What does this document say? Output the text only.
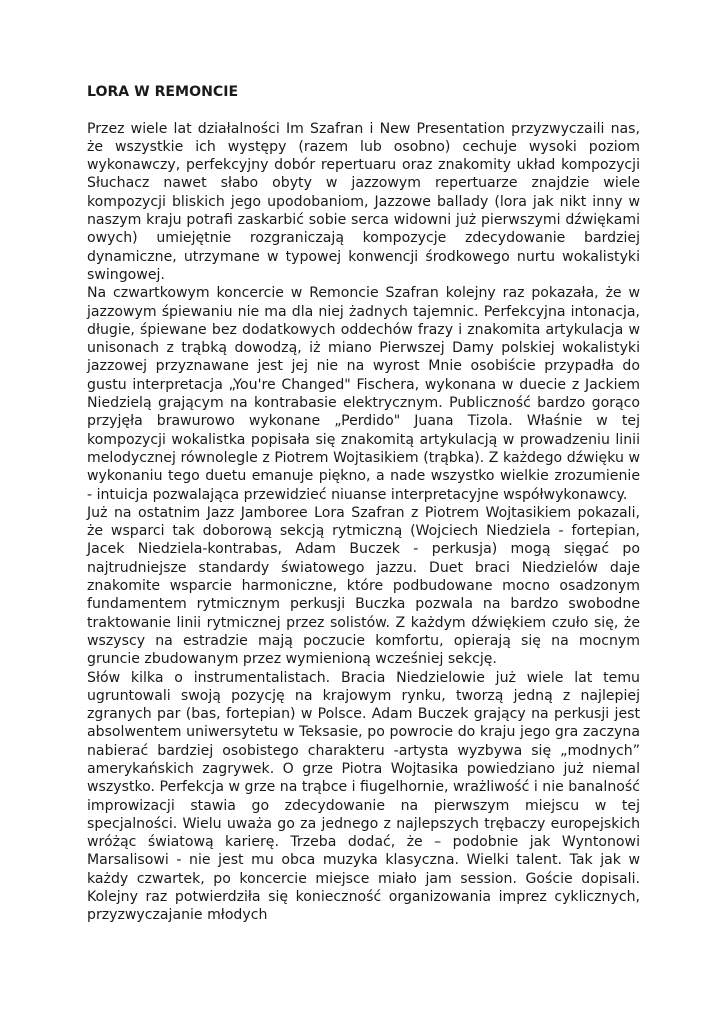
LORA W REMONCIE

Przez wiele lat działalności Im Szafran i New Presentation przyzwyczaili nas, że wszystkie ich występy (razem lub osobno) cechuje wysoki poziom wykonawczy, perfekcyjny dobór repertuaru oraz znakomity układ kompozycji Słuchacz nawet słabo obyty w jazzowym repertuarze znajdzie wiele kompozycji bliskich jego upodobaniom, Jazzowe ballady (lora jak nikt inny w naszym kraju potrafi zaskarbić sobie serca widowni już pierwszymi dźwiękami owych) umiejętnie rozgraniczają kompozycje zdecydowanie bardziej dynamiczne, utrzymane w typowej konwencji środkowego nurtu wokalistyki swingowej.

Na czwartkowym koncercie w Remoncie Szafran kolejny raz pokazała, że w jazzowym śpiewaniu nie ma dla niej żadnych tajemnic. Perfekcyjna intonacja, długie, śpiewane bez dodatkowych oddechów frazy i znakomita artykulacja w unisonach z trąbką dowodzą, iż miano Pierwszej Damy polskiej wokalistyki jazzowej przyznawane jest jej nie na wyrost Mnie osobiście przypadła do gustu interpretacja „You're Changed" Fischera, wykonana w duecie z Jackiem Niedzielą grającym na kontrabasie elektrycznym. Publiczność bardzo gorąco przyjęła brawurowo wykonane „Perdido" Juana Tizola. Właśnie w tej kompozycji wokalistka popisała się znakomitą artykulacją w prowadzeniu linii melodycznej równolegle z Piotrem Wojtasikiem (trąbka). Z każdego dźwięku w wykonaniu tego duetu emanuje piękno, a nade wszystko wielkie zrozumienie - intuicja pozwalająca przewidzieć niuanse interpretacyjne współwykonawcy.

Już na ostatnim Jazz Jamboree Lora Szafran z Piotrem Wojtasikiem pokazali, że wsparci tak doborową sekcją rytmiczną (Wojciech Niedziela - fortepian, Jacek Niedziela-kontrabas, Adam Buczek - perkusja) mogą sięgać po najtrudniejsze standardy światowego jazzu. Duet braci Niedzielów daje znakomite wsparcie harmoniczne, które podbudowane mocno osadzonym fundamentem rytmicznym perkusji Buczka pozwala na bardzo swobodne traktowanie linii rytmicznej przez solistów. Z każdym dźwiękiem czuło się, że wszyscy na estradzie mają poczucie komfortu, opierają się na mocnym gruncie zbudowanym przez wymienioną wcześniej sekcję.

Słów kilka o instrumentalistach. Bracia Niedzielowie już wiele lat temu ugruntowali swoją pozycję na krajowym rynku, tworzą jedną z najlepiej zgranych par (bas, fortepian) w Polsce. Adam Buczek grający na perkusji jest absolwentem uniwersytetu w Teksasie, po powrocie do kraju jego gra zaczyna nabierać bardziej osobistego charakteru -artysta wyzbywa się „modnych” amerykańskich zagrywek. O grze Piotra Wojtasika powiedziano już niemal wszystko. Perfekcja w grze na trąbce i fiugelhornie, wrażliwość i nie banalność improwizacji stawia go zdecydowanie na pierwszym miejscu w tej specjalności. Wielu uważa go za jednego z najlepszych trębaczy europejskich wróżąc światową karierę. Trzeba dodać, że – podobnie jak Wyntonowi Marsalisowi - nie jest mu obca muzyka klasyczna. Wielki talent. Tak jak w każdy czwartek, po koncercie miejsce miało jam session. Goście dopisali. Kolejny raz potwierdziła się konieczność organizowania imprez cyklicznych, przyzwyczajanie młodych
